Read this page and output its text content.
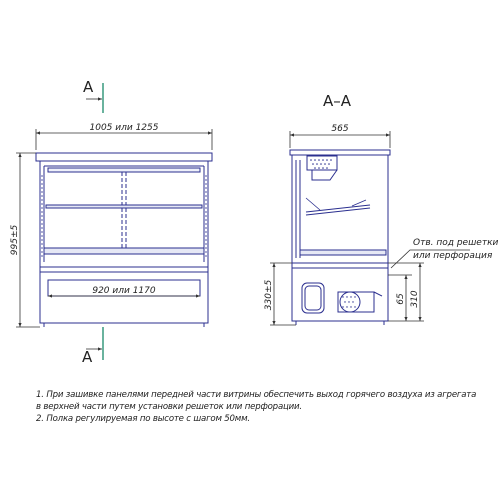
1005 или 1255
920 или 1170
995±5
A
A
A–A
565
330±5	65 310
Отв. под решетки
или перфорация

1. При зашивке панелями передней части витрины обеспечить выход горячего воздуха из агрегата

в верхней части путем установки решеток или перфорации.

2. Полка регулируемая по высоте с шагом 50мм.
